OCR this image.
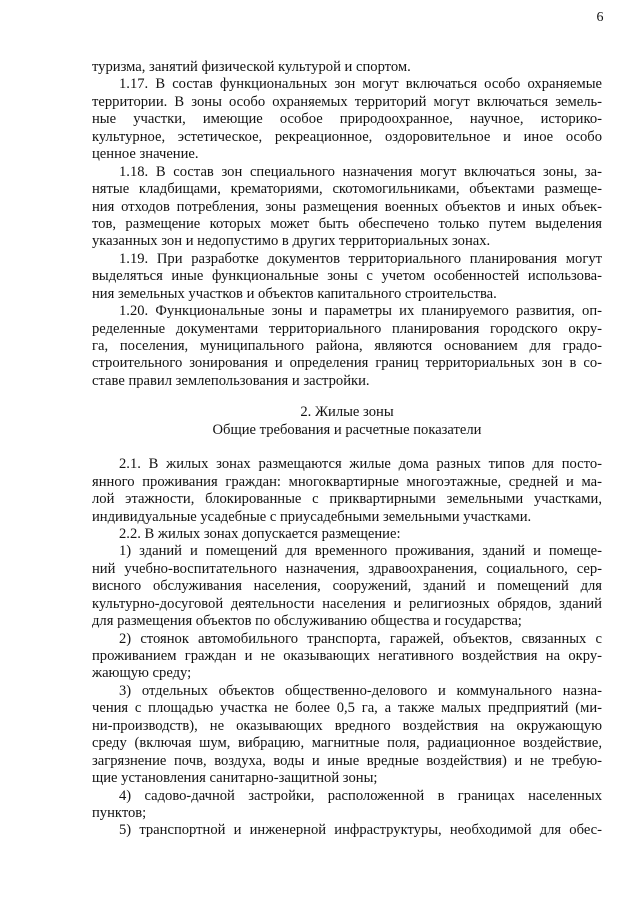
6
туризма, занятий физической культурой и спортом.
1.17. В состав функциональных зон могут включаться особо охраняемые
территории. В зоны особо охраняемых территорий могут включаться земель-
ные участки, имеющие особое природоохранное, научное, историко-
культурное, эстетическое, рекреационное, оздоровительное и иное особо
ценное значение.
1.18. В состав зон специального назначения могут включаться зоны, за-
нятые кладбищами, крематориями, скотомогильниками, объектами размеще-
ния отходов потребления, зоны размещения военных объектов и иных объек-
тов, размещение которых может быть обеспечено только путем выделения
указанных зон и недопустимо в других территориальных зонах.
1.19. При разработке документов территориального планирования могут
выделяться иные функциональные зоны с учетом особенностей использова-
ния земельных участков и объектов капитального строительства.
1.20. Функциональные зоны и параметры их планируемого развития, оп-
ределенные документами территориального планирования городского окру-
га, поселения, муниципального района, являются основанием для градо-
строительного зонирования и определения границ территориальных зон в со-
ставе правил землепользования и застройки.
2. Жилые зоны
Общие требования и расчетные показатели
2.1. В жилых зонах размещаются жилые дома разных типов для посто-
янного проживания граждан: многоквартирные многоэтажные, средней и ма-
лой этажности, блокированные с приквартирными земельными участками,
индивидуальные усадебные с приусадебными земельными участками.
2.2. В жилых зонах допускается размещение:
1) зданий и помещений для временного проживания, зданий и помеще-
ний учебно-воспитательного назначения, здравоохранения, социального, сер-
висного обслуживания населения, сооружений, зданий и помещений для
культурно-досуговой деятельности населения и религиозных обрядов, зданий
для размещения объектов по обслуживанию общества и государства;
2) стоянок автомобильного транспорта, гаражей, объектов, связанных с
проживанием граждан и не оказывающих негативного воздействия на окру-
жающую среду;
3) отдельных объектов общественно-делового и коммунального назна-
чения с площадью участка не более 0,5 га, а также малых предприятий (ми-
ни-производств), не оказывающих вредного воздействия на окружающую
среду (включая шум, вибрацию, магнитные поля, радиационное воздействие,
загрязнение почв, воздуха, воды и иные вредные воздействия) и не требую-
щие установления санитарно-защитной зоны;
4) садово-дачной застройки, расположенной в границах населенных
пунктов;
5) транспортной и инженерной инфраструктуры, необходимой для обес-
